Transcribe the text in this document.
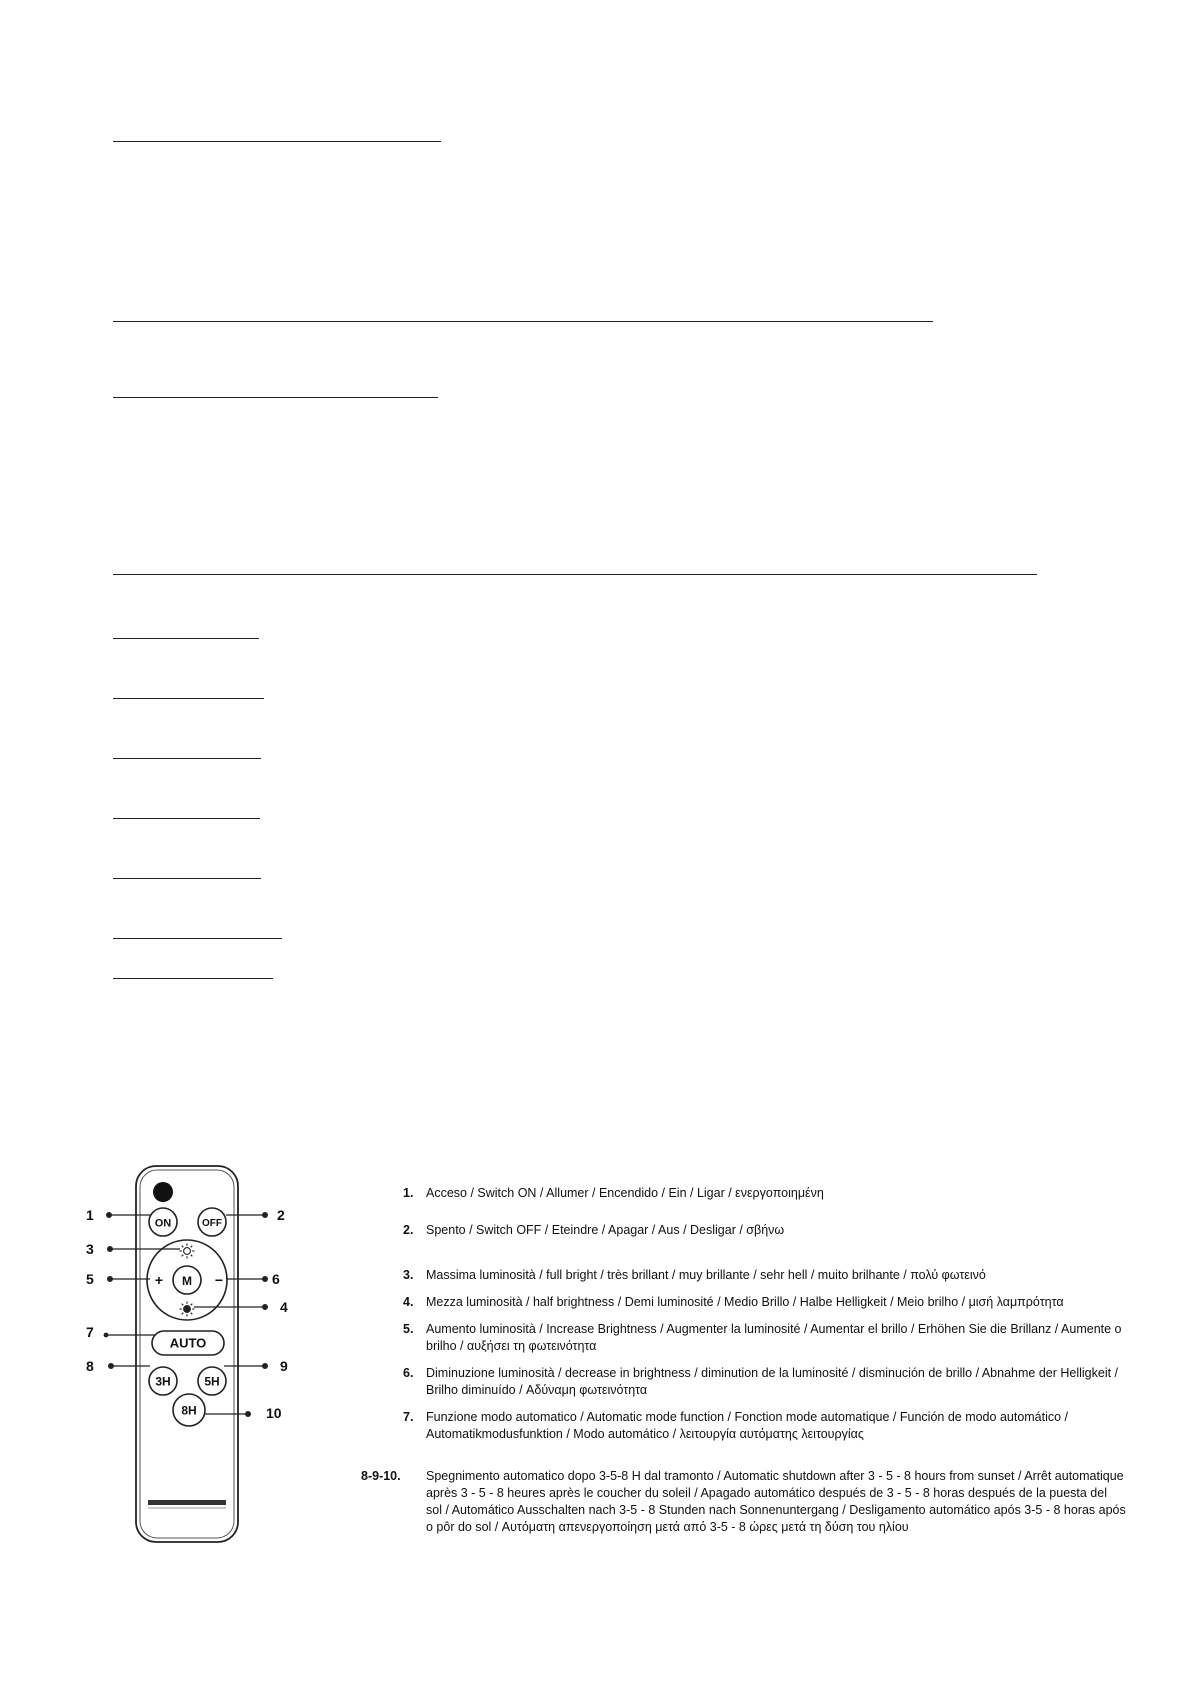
ON	OFF
M
+	−
AUTO
3H	5H
8H
1	2
3
5	6
4
7
8	9
10
1. Acceso / Switch ON / Allumer / Encendido / Ein / Ligar / ενεργοποιημένη
2. Spento / Switch OFF / Eteindre / Apagar / Aus / Desligar / σβήνω
3. Massima luminosità / full bright / très brillant / muy brillante / sehr hell / muito brilhante / πολύ φωτεινό
4. Mezza luminosità / half brightness / Demi luminosité / Medio Brillo / Halbe Helligkeit / Meio brilho / μισή λαμπρότητα
5. Aumento luminosità / Increase Brightness / Augmenter la luminosité / Aumentar el brillo / Erhöhen Sie die Brillanz / Aumente o brilho / αυξήσει τη φωτεινότητα
6. Diminuzione luminosità / decrease in brightness / diminution de la luminosité / disminución de brillo / Abnahme der Helligkeit / Brilho diminuído / Αδύναμη φωτεινότητα
7. Funzione modo automatico / Automatic mode function / Fonction mode automatique / Función de modo automático / Automatikmodusfunktion / Modo automático / λειτουργία αυτόματης λειτουργίας
8-9-10. Spegnimento automatico dopo 3-5-8 H dal tramonto / Automatic shutdown after 3 - 5 - 8 hours from sunset / Arrêt automatique après 3 - 5 - 8 heures après le coucher du soleil / Apagado automático después de 3 - 5 - 8 horas después de la puesta del sol / Automático Ausschalten nach 3-5 - 8 Stunden nach Sonnenuntergang / Desligamento automático após 3-5 - 8 horas após o pôr do sol / Αυτόματη απενεργοποίηση μετά από 3-5 - 8 ώρες μετά τη δύση του ηλίου
